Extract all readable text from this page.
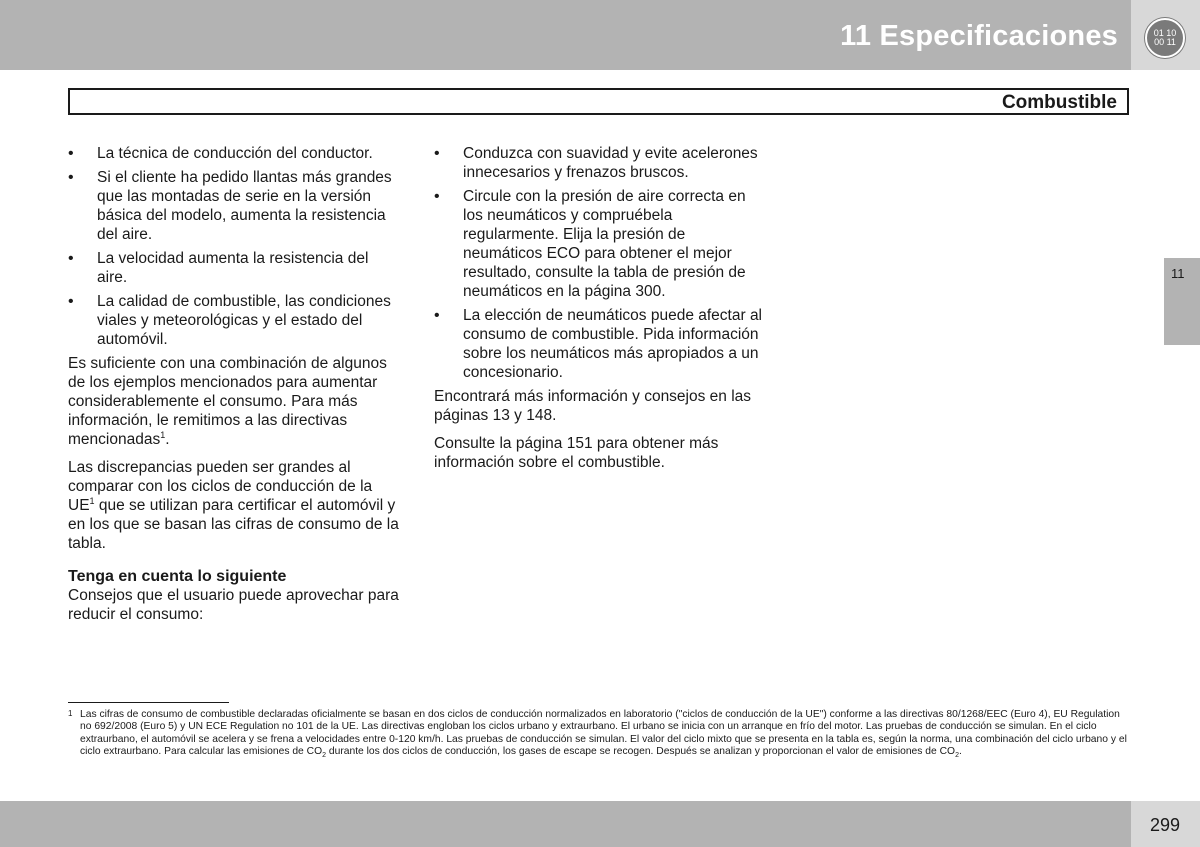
11 Especificaciones	01 10
00 11
Combustible
11
• La técnica de conducción del conductor.
• Si el cliente ha pedido llantas más grandes que las montadas de serie en la versión básica del modelo, aumenta la resistencia del aire.
• La velocidad aumenta la resistencia del aire.
• La calidad de combustible, las condiciones viales y meteorológicas y el estado del automóvil.

Es suficiente con una combinación de algunos de los ejemplos mencionados para aumentar considerablemente el consumo. Para más información, le remitimos a las directivas mencionadas$^1$.

Las discrepancias pueden ser grandes al comparar con los ciclos de conducción de la $UE^1$ que se utilizan para certificar el automóvil y en los que se basan las cifras de consumo de la tabla.

Tenga en cuenta lo siguiente

Consejos que el usuario puede aprovechar para reducir el consumo:

• Conduzca con suavidad y evite acelerones innecesarios y frenazos bruscos.
• Circule con la presión de aire correcta en los neumáticos y compruébela regularmente. Elija la presión de neumáticos ECO para obtener el mejor resultado, consulte la tabla de presión de neumáticos en la página 300.
• La elección de neumáticos puede afectar al consumo de combustible. Pida información sobre los neumáticos más apropiados a un concesionario.

Encontrará más información y consejos en las páginas 13 y 148.

Consulte la página 151 para obtener más información sobre el combustible.

1 Las cifras de consumo de combustible declaradas oficialmente se basan en dos ciclos de conducción normalizados en laboratorio ("ciclos de conducción de la UE") conforme a las directivas 80/1268/EEC (Euro 4), EU Regulation no 692/2008 (Euro 5) y UN ECE Regulation no 101 de la UE. Las directivas engloban los ciclos urbano y extraurbano. El urbano se inicia con un arranque en frío del motor. Las pruebas de conducción se simulan. En el ciclo extraurbano, el automóvil se acelera y se frena a velocidades entre 0-120 km/h. Las pruebas de conducción se simulan. El valor del ciclo mixto que se presenta en la tabla es, según la norma, una combinación del ciclo urbano y el ciclo extraurbano. Para calcular las emisiones de $CO_2$ durante los dos ciclos de conducción, los gases de escape se recogen. Después se analizan y proporcionan el valor de emisiones de $CO_2$.
299
